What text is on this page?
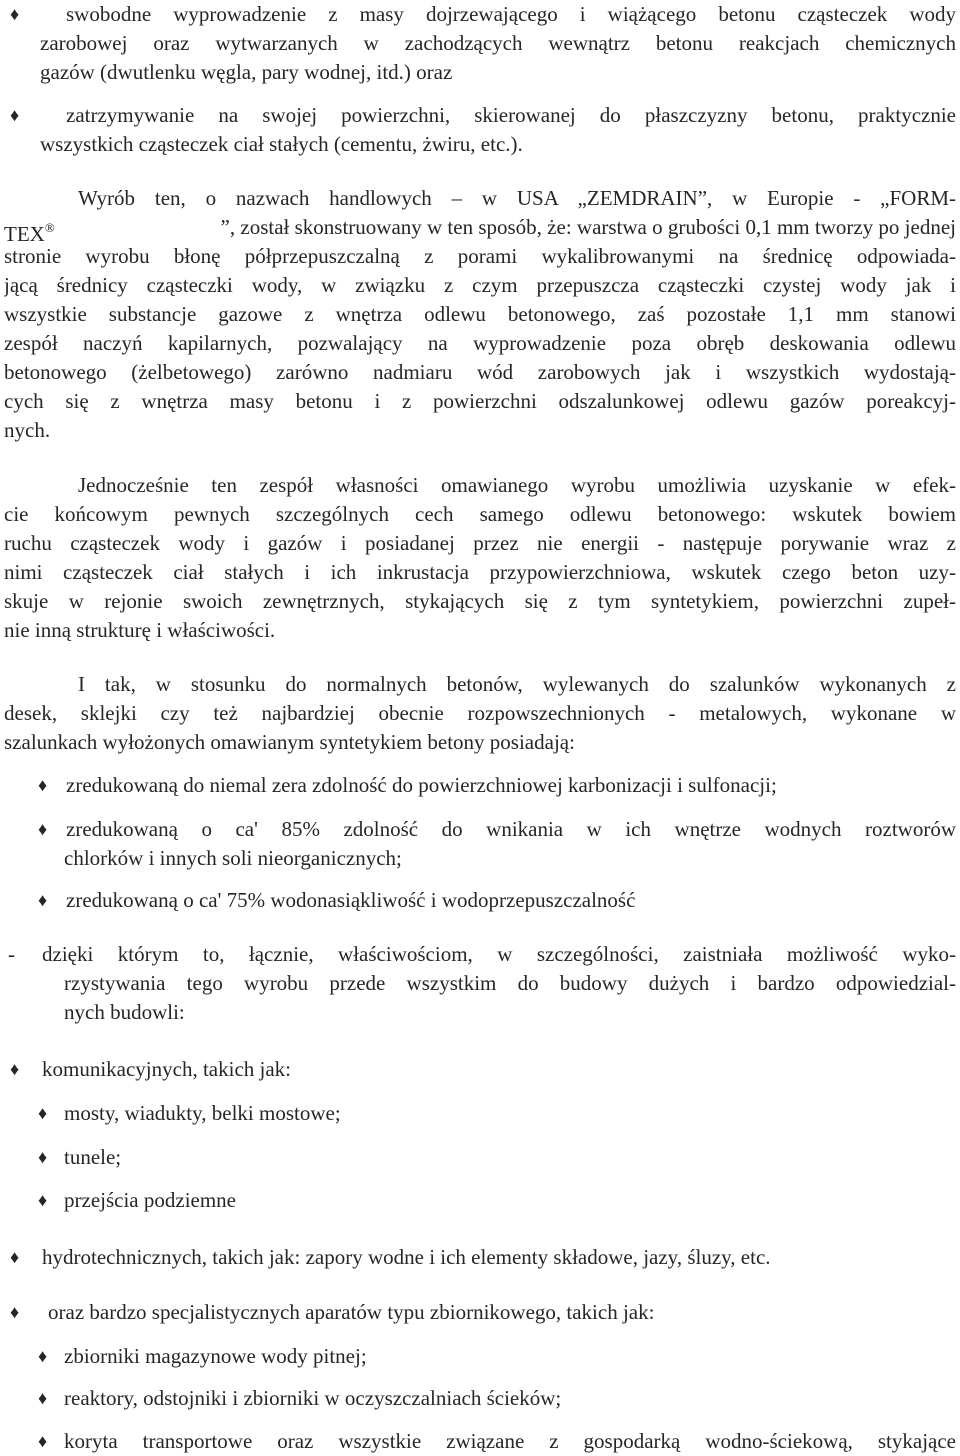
♦ swobodne wyprowadzenie z masy dojrzewającego i wiążącego betonu cząsteczek wody
zarobowej oraz wytwarzanych w zachodzących wewnątrz betonu reakcjach chemicznych
gazów (dwutlenku węgla, pary wodnej, itd.) oraz
♦ zatrzymywanie na swojej powierzchni, skierowanej do płaszczyzny betonu, praktycznie
wszystkich cząsteczek ciał stałych (cementu, żwiru, etc.).
Wyrób ten, o nazwach handlowych – w USA „ZEMDRAIN”, w Europie - „FORM-
TEX®	”, został skonstruowany w ten sposób, że: warstwa o grubości 0,1 mm tworzy po jednej
stronie wyrobu błonę półprzepuszczalną z porami wykalibrowanymi na średnicę odpowiada-
jącą średnicy cząsteczki wody, w związku z czym przepuszcza cząsteczki czystej wody jak i
wszystkie substancje gazowe z wnętrza odlewu betonowego, zaś pozostałe 1,1 mm stanowi
zespół naczyń kapilarnych, pozwalający na wyprowadzenie poza obręb deskowania odlewu
betonowego (żelbetowego) zarówno nadmiaru wód zarobowych jak i wszystkich wydostają-
cych się z wnętrza masy betonu i z powierzchni odszalunkowej odlewu gazów poreakcyj-
nych.
Jednocześnie ten zespół własności omawianego wyrobu umożliwia uzyskanie w efek-
cie końcowym pewnych szczególnych cech samego odlewu betonowego: wskutek bowiem
ruchu cząsteczek wody i gazów i posiadanej przez nie energii - następuje porywanie wraz z
nimi cząsteczek ciał stałych i ich inkrustacja przypowierzchniowa, wskutek czego beton uzy-
skuje w rejonie swoich zewnętrznych, stykających się z tym syntetykiem, powierzchni zupeł-
nie inną strukturę i właściwości.
I tak, w stosunku do normalnych betonów, wylewanych do szalunków wykonanych z
desek, sklejki czy też najbardziej obecnie rozpowszechnionych - metalowych, wykonane w
szalunkach wyłożonych omawianym syntetykiem betony posiadają:
♦ zredukowaną do niemal zera zdolność do powierzchniowej karbonizacji i sulfonacji;
♦ zredukowaną o ca' 85% zdolność do wnikania w ich wnętrze wodnych roztworów
chlorków i innych soli nieorganicznych;
♦ zredukowaną o ca' 75% wodonasiąkliwość i wodoprzepuszczalność
- dzięki którym to, łącznie, właściwościom, w szczególności, zaistniała możliwość wyko-
rzystywania tego wyrobu przede wszystkim do budowy dużych i bardzo odpowiedzial-
nych budowli:
♦ komunikacyjnych, takich jak:
♦ mosty, wiadukty, belki mostowe;
♦ tunele;
♦ przejścia podziemne
♦ hydrotechnicznych, takich jak: zapory wodne i ich elementy składowe, jazy, śluzy, etc.
♦ oraz bardzo specjalistycznych aparatów typu zbiornikowego, takich jak:
♦ zbiorniki magazynowe wody pitnej;
♦ reaktory, odstojniki i zbiorniki w oczyszczalniach ścieków;
♦ koryta transportowe oraz wszystkie związane z gospodarką wodno-ściekową, stykające
